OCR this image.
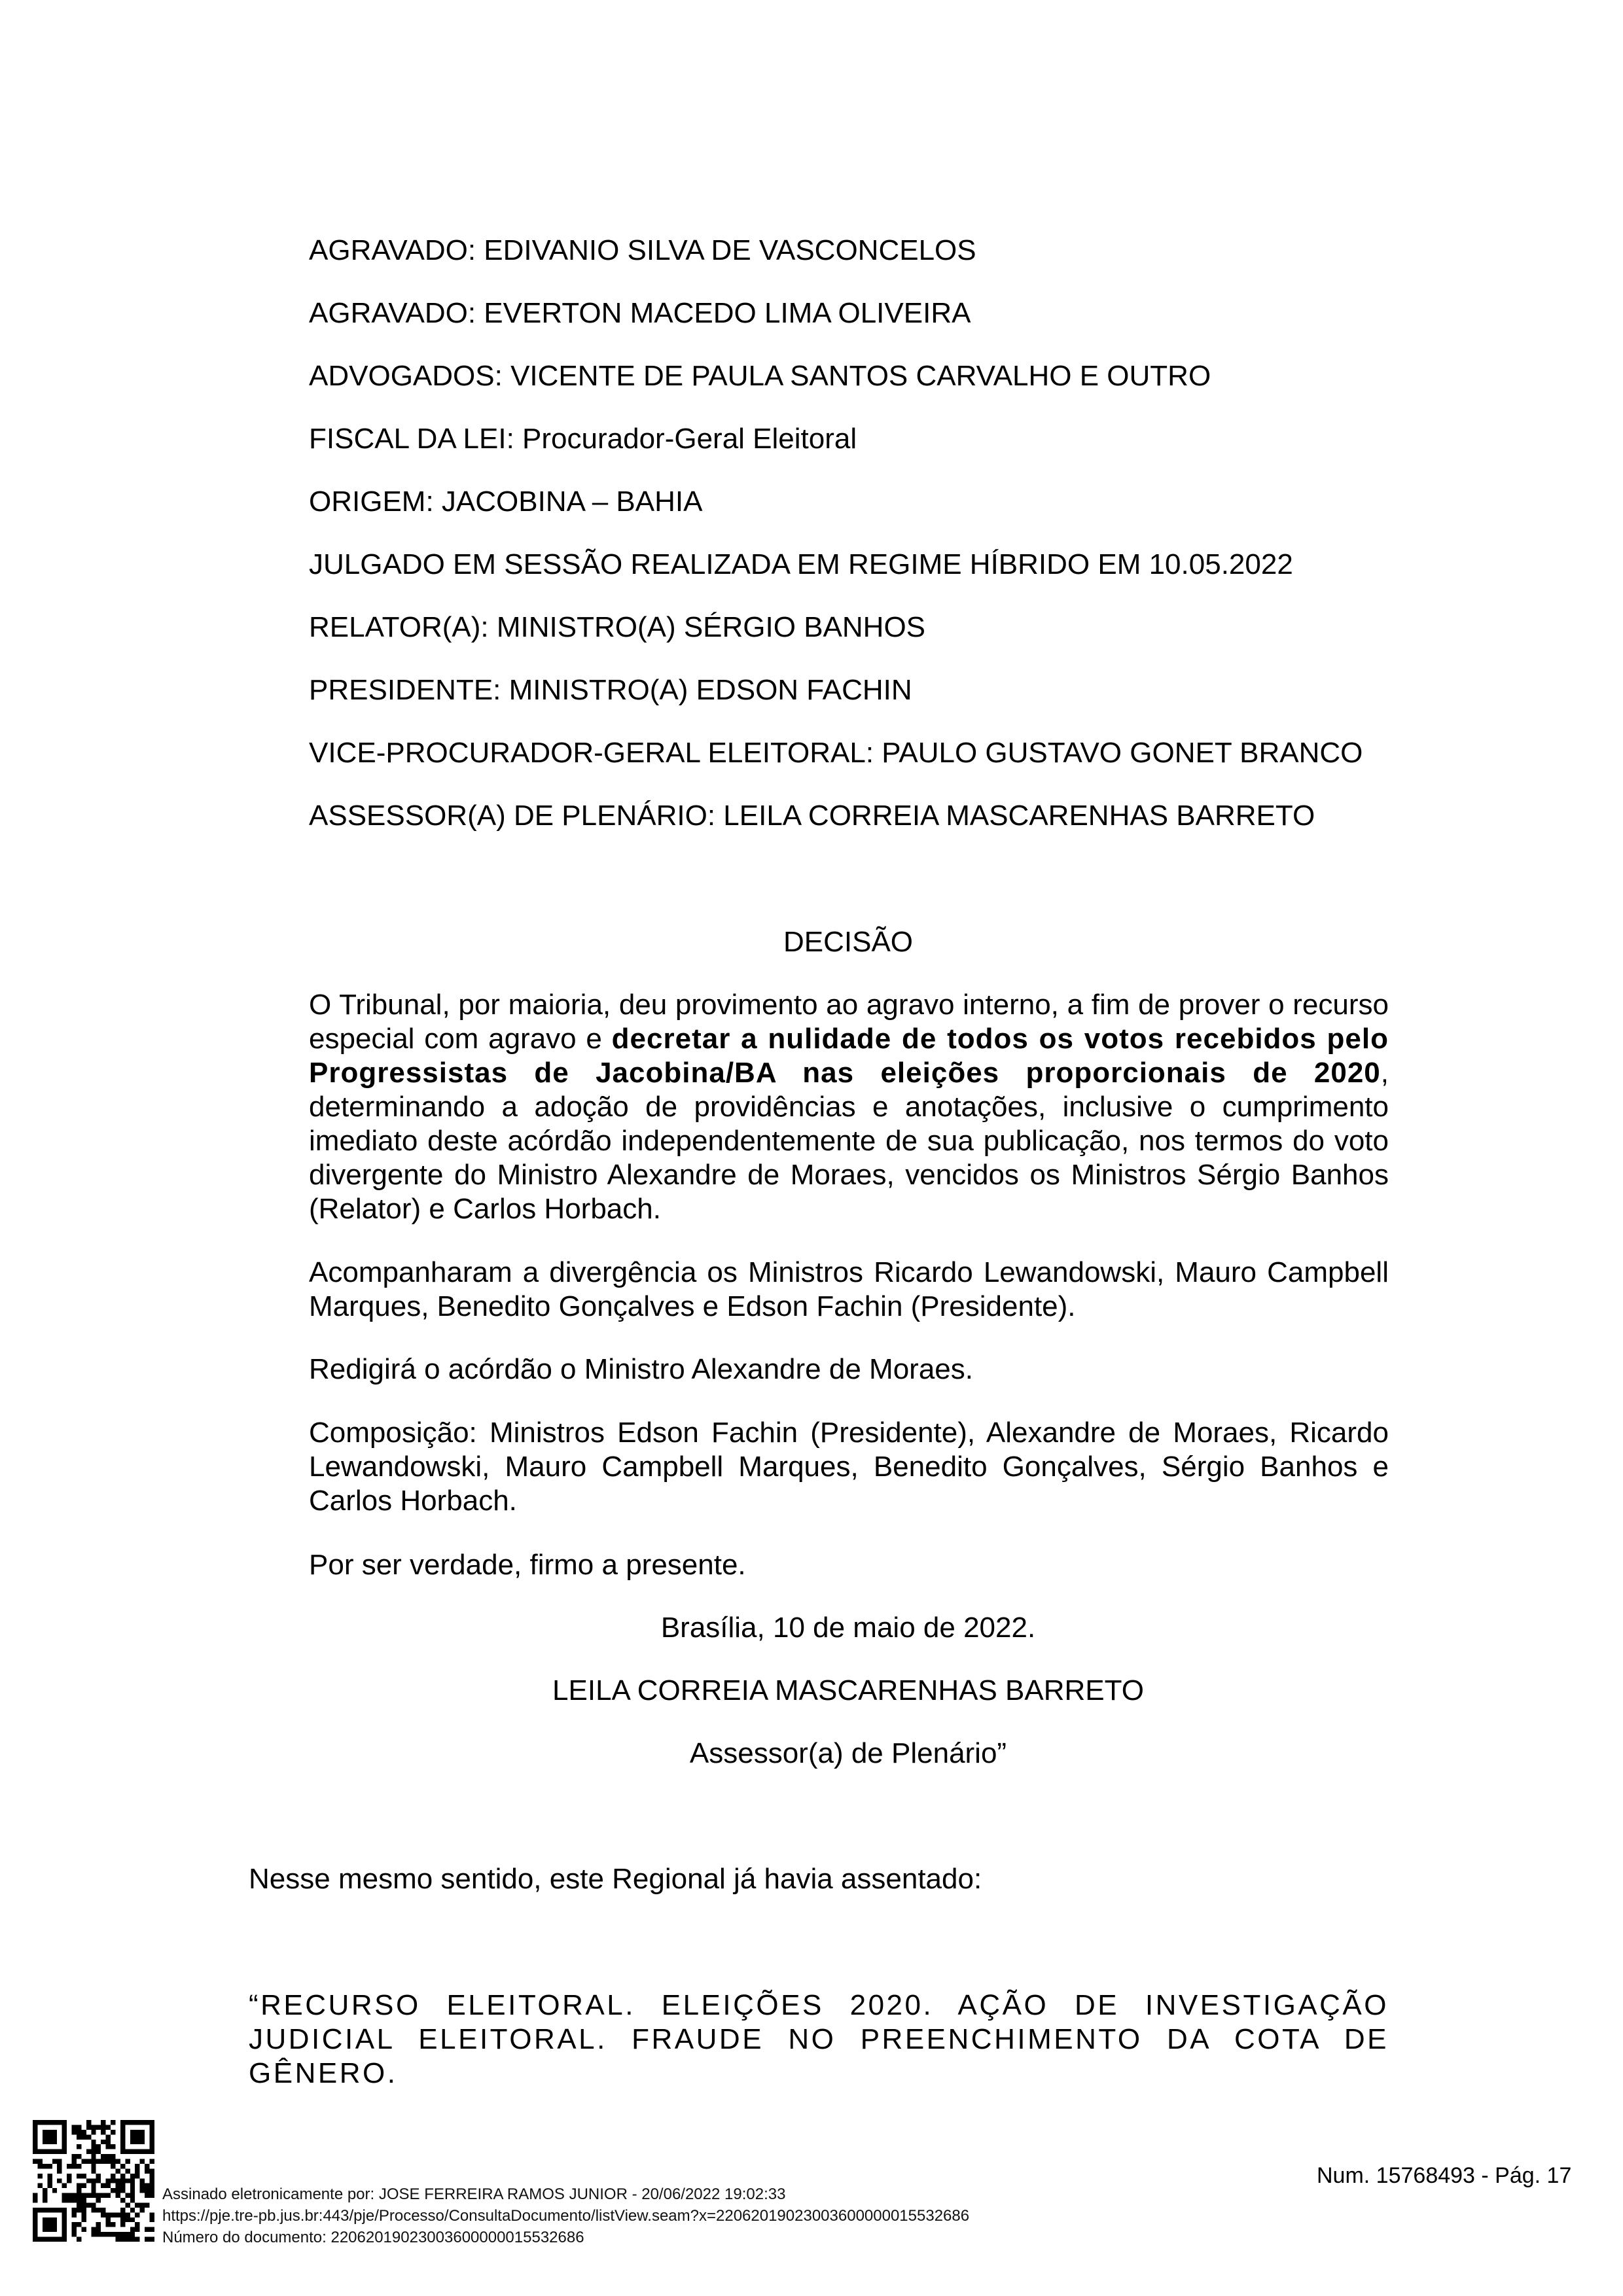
AGRAVADO: EDIVANIO SILVA DE VASCONCELOS
AGRAVADO: EVERTON MACEDO LIMA OLIVEIRA
ADVOGADOS: VICENTE DE PAULA SANTOS CARVALHO E OUTRO
FISCAL DA LEI: Procurador-Geral Eleitoral
ORIGEM: JACOBINA – BAHIA
JULGADO EM SESSÃO REALIZADA EM REGIME HÍBRIDO EM 10.05.2022
RELATOR(A): MINISTRO(A) SÉRGIO BANHOS
PRESIDENTE: MINISTRO(A) EDSON FACHIN
VICE-PROCURADOR-GERAL ELEITORAL: PAULO GUSTAVO GONET BRANCO
ASSESSOR(A) DE PLENÁRIO: LEILA CORREIA MASCARENHAS BARRETO
DECISÃO
O Tribunal, por maioria, deu provimento ao agravo interno, a fim de prover o recurso especial com agravo e decretar a nulidade de todos os votos recebidos pelo Progressistas de Jacobina/BA nas eleições proporcionais de 2020, determinando a adoção de providências e anotações, inclusive o cumprimento imediato deste acórdão independentemente de sua publicação, nos termos do voto divergente do Ministro Alexandre de Moraes, vencidos os Ministros Sérgio Banhos (Relator) e Carlos Horbach.
Acompanharam a divergência os Ministros Ricardo Lewandowski, Mauro Campbell Marques, Benedito Gonçalves e Edson Fachin (Presidente).
Redigirá o acórdão o Ministro Alexandre de Moraes.
Composição: Ministros Edson Fachin (Presidente), Alexandre de Moraes, Ricardo Lewandowski, Mauro Campbell Marques, Benedito Gonçalves, Sérgio Banhos e Carlos Horbach.
Por ser verdade, firmo a presente.
Brasília, 10 de maio de 2022.
LEILA CORREIA MASCARENHAS BARRETO
Assessor(a) de Plenário”
Nesse mesmo sentido, este Regional já havia assentado:
“RECURSO ELEITORAL. ELEIÇÕES 2020. AÇÃO DE INVESTIGAÇÃO JUDICIAL ELEITORAL. FRAUDE NO PREENCHIMENTO DA COTA DE GÊNERO.
Assinado eletronicamente por: JOSE FERREIRA RAMOS JUNIOR - 20/06/2022 19:02:33
https://pje.tre-pb.jus.br:443/pje/Processo/ConsultaDocumento/listView.seam?x=22062019023003600000015532686
Número do documento: 22062019023003600000015532686
Num. 15768493 - Pág. 17
